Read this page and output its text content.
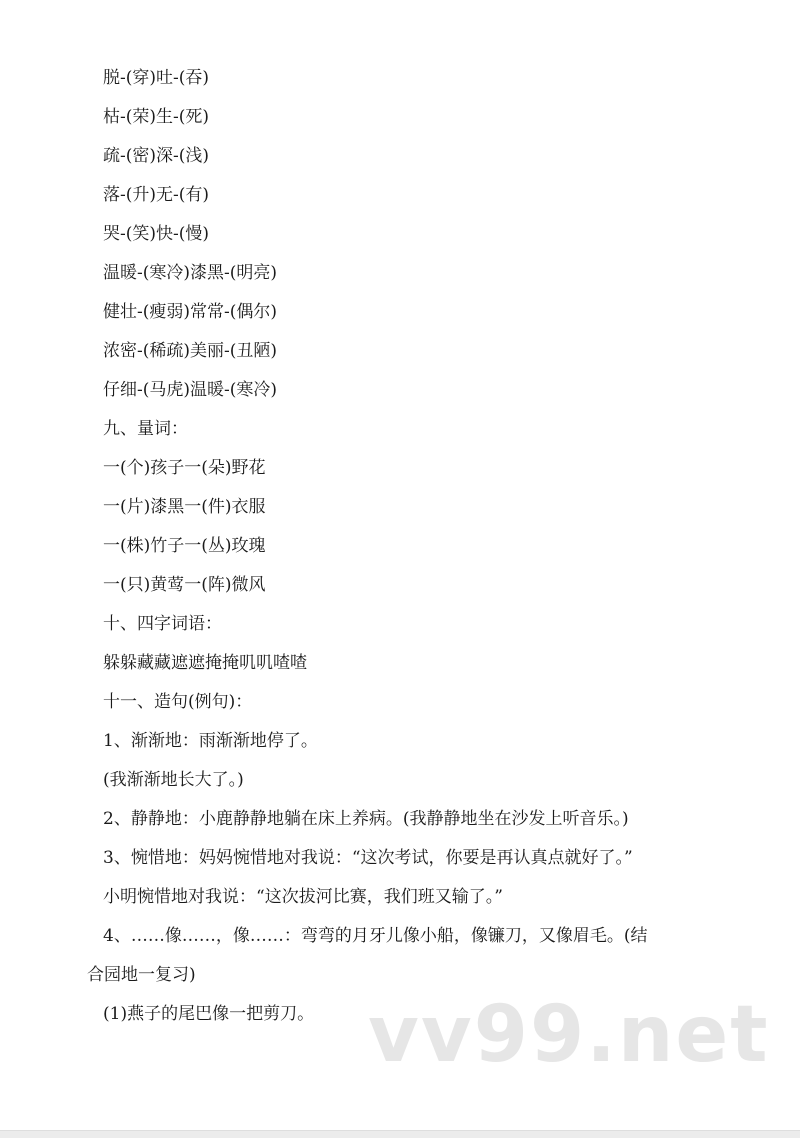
脱-(穿)吐-(吞)
枯-(荣)生-(死)
疏-(密)深-(浅)
落-(升)无-(有)
哭-(笑)快-(慢)
温暖-(寒冷)漆黑-(明亮)
健壮-(瘦弱)常常-(偶尔)
浓密-(稀疏)美丽-(丑陋)
仔细-(马虎)温暖-(寒冷)
九、量词：
一(个)孩子一(朵)野花
一(片)漆黑一(件)衣服
一(株)竹子一(丛)玫瑰
一(只)黄莺一(阵)微风
十、四字词语：
躲躲藏藏遮遮掩掩叽叽喳喳
十一、造句(例句)：
1、渐渐地：雨渐渐地停了。
(我渐渐地长大了。)
2、静静地：小鹿静静地躺在床上养病。(我静静地坐在沙发上听音乐。)
3、惋惜地：妈妈惋惜地对我说：“这次考试，你要是再认真点就好了。”
小明惋惜地对我说：“这次拔河比赛，我们班又输了。”
4、……像……，像……：弯弯的月牙儿像小船，像镰刀，又像眉毛。(结
合园地一复习)
(1)燕子的尾巴像一把剪刀。 vv99.net
